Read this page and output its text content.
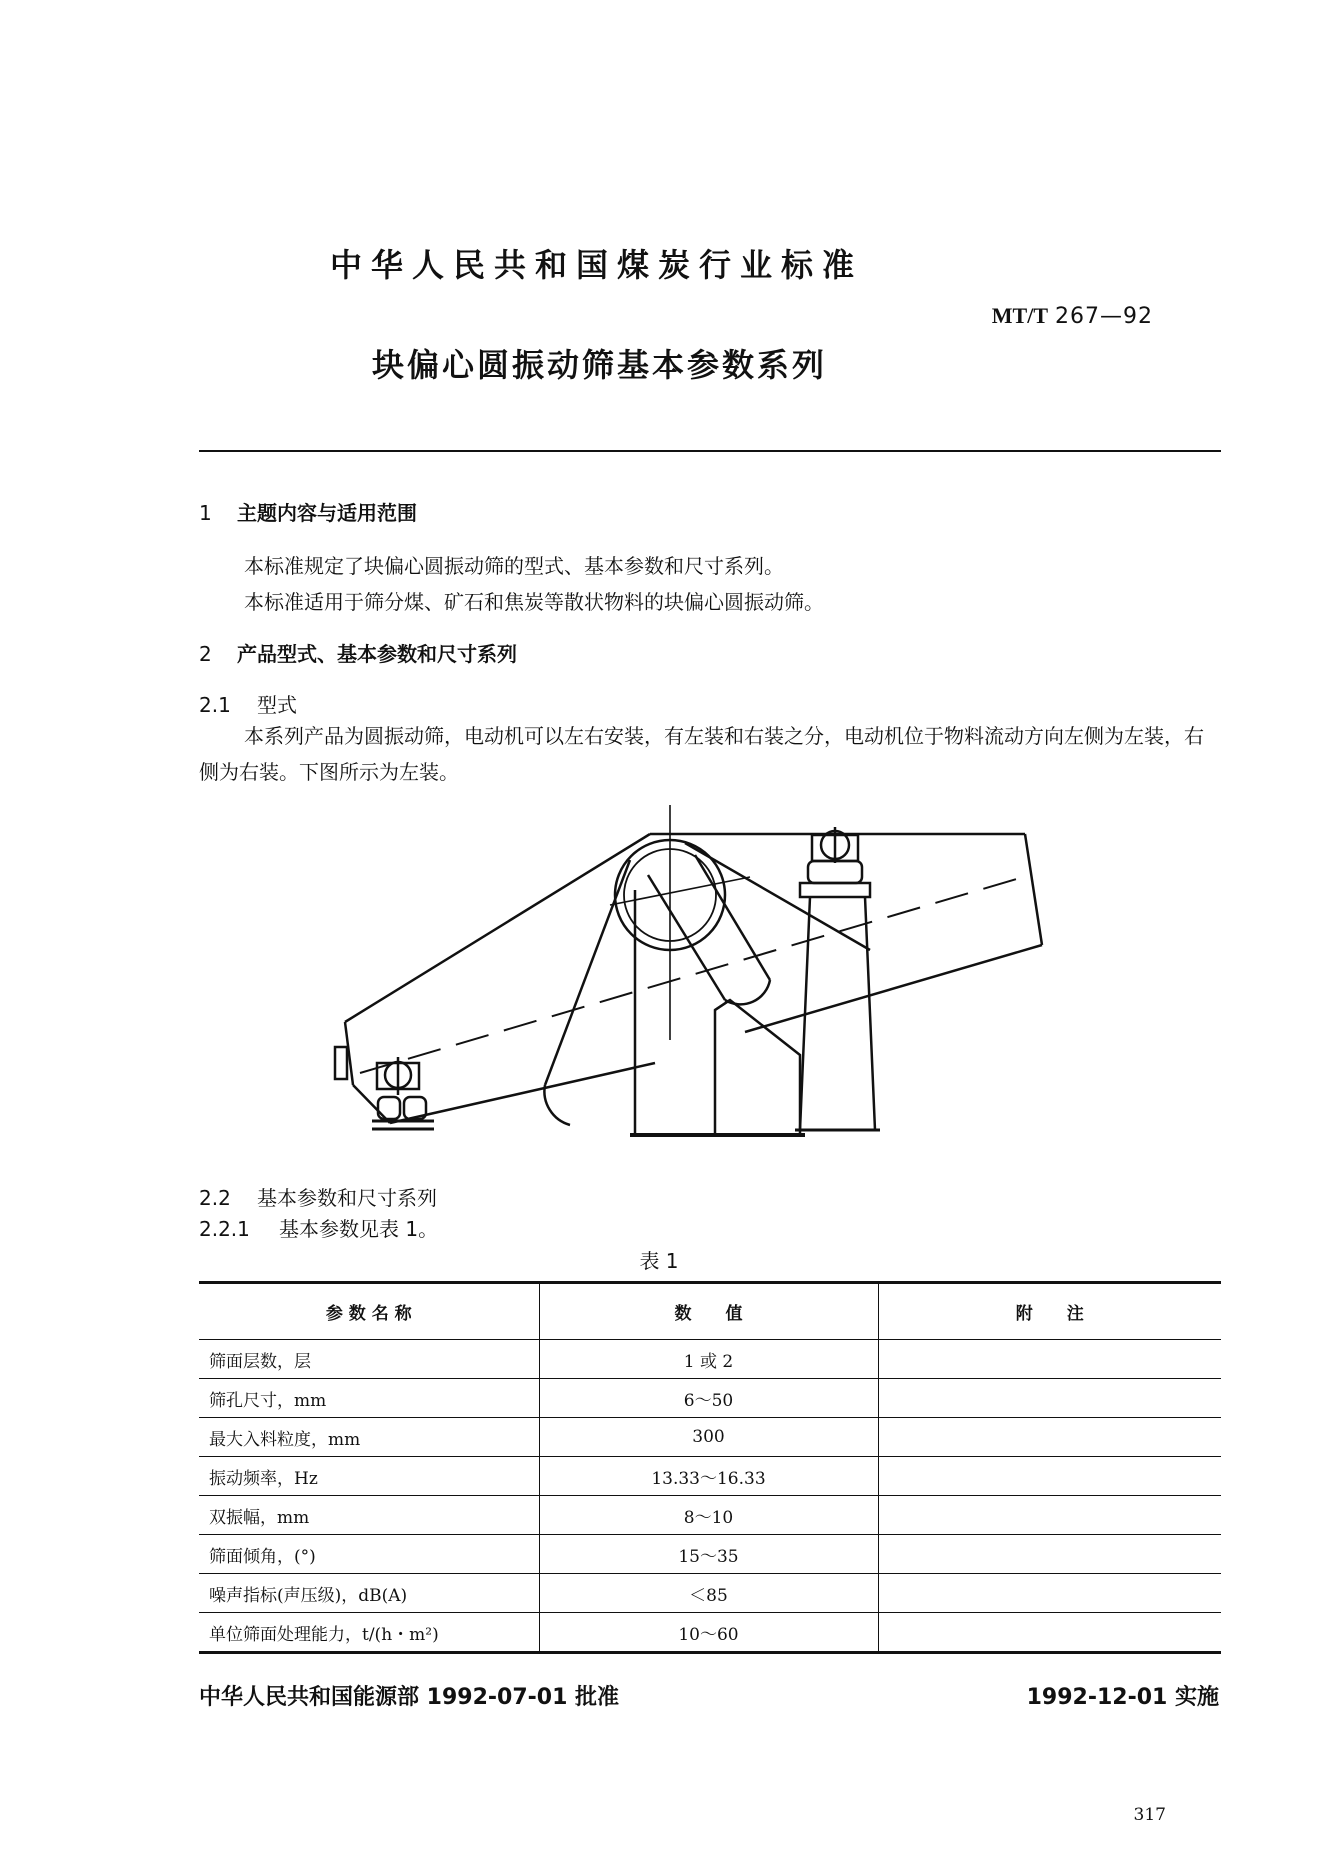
中华人民共和国煤炭行业标准
MT/T 267—92
块偏心圆振动筛基本参数系列
1 主题内容与适用范围
本标准规定了块偏心圆振动筛的型式、基本参数和尺寸系列。
本标准适用于筛分煤、矿石和焦炭等散状物料的块偏心圆振动筛。
2 产品型式、基本参数和尺寸系列
2.1 型式
本系列产品为圆振动筛，电动机可以左右安装，有左装和右装之分，电动机位于物料流动方向左侧为左装，右侧为右装。下图所示为左装。
2.2 基本参数和尺寸系列
2.2.1 基本参数见表 1。
表 1
参 数 名 称	数　　值	附　　注
筛面层数，层	1 或 2	
筛孔尺寸，mm	6～50	
最大入料粒度，mm	300	
振动频率，Hz	13.33～16.33	
双振幅，mm	8～10	
筛面倾角，(°)	15～35	
噪声指标(声压级)，dB(A)	＜85	
单位筛面处理能力，t/(h・m²)	10～60	
中华人民共和国能源部 1992-07-01 批准	1992-12-01 实施
317
